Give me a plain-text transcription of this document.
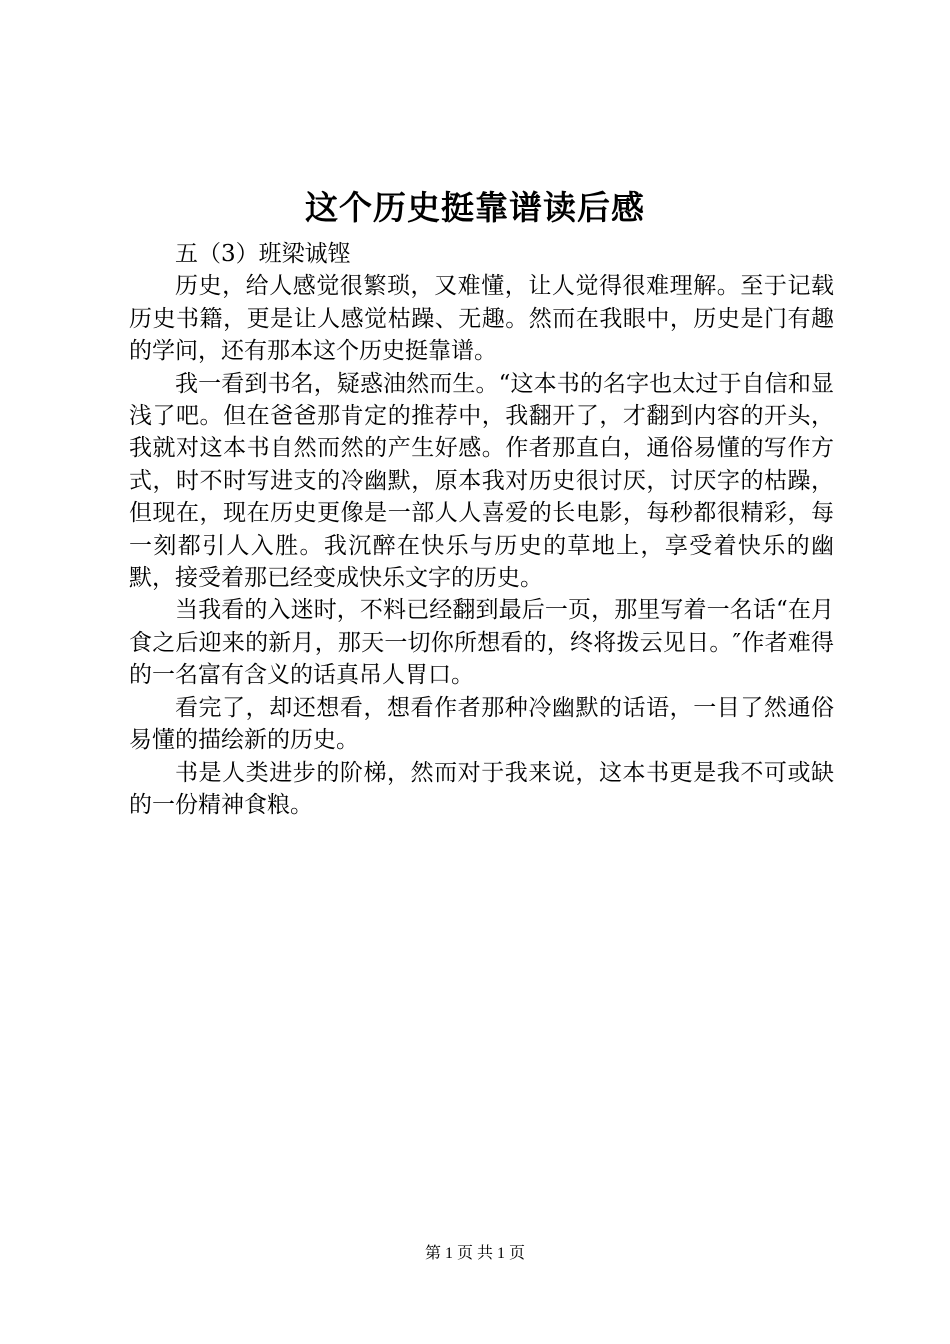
这个历史挺靠谱读后感

五（3）班梁诚铿

历史，给人感觉很繁琐，又难懂，让人觉得很难理解。至于记载历史书籍，更是让人感觉枯躁、无趣。然而在我眼中，历史是门有趣的学问，还有那本这个历史挺靠谱。

我一看到书名，疑惑油然而生。“这本书的名字也太过于自信和显浅了吧。但在爸爸那肯定的推荐中，我翻开了，才翻到内容的开头，我就对这本书自然而然的产生好感。作者那直白，通俗易懂的写作方式，时不时写进支的冷幽默，原本我对历史很讨厌，讨厌字的枯躁，但现在，现在历史更像是一部人人喜爱的长电影，每秒都很精彩，每一刻都引人入胜。我沉醉在快乐与历史的草地上，享受着快乐的幽默，接受着那已经变成快乐文字的历史。

当我看的入迷时，不料已经翻到最后一页，那里写着一名话“在月食之后迎来的新月，那天一切你所想看的，终将拨云见日。″作者难得的一名富有含义的话真吊人胃口。

看完了，却还想看，想看作者那种冷幽默的话语，一目了然通俗易懂的描绘新的历史。

书是人类进步的阶梯，然而对于我来说，这本书更是我不可或缺的一份精神食粮。

第 1 页 共 1 页
